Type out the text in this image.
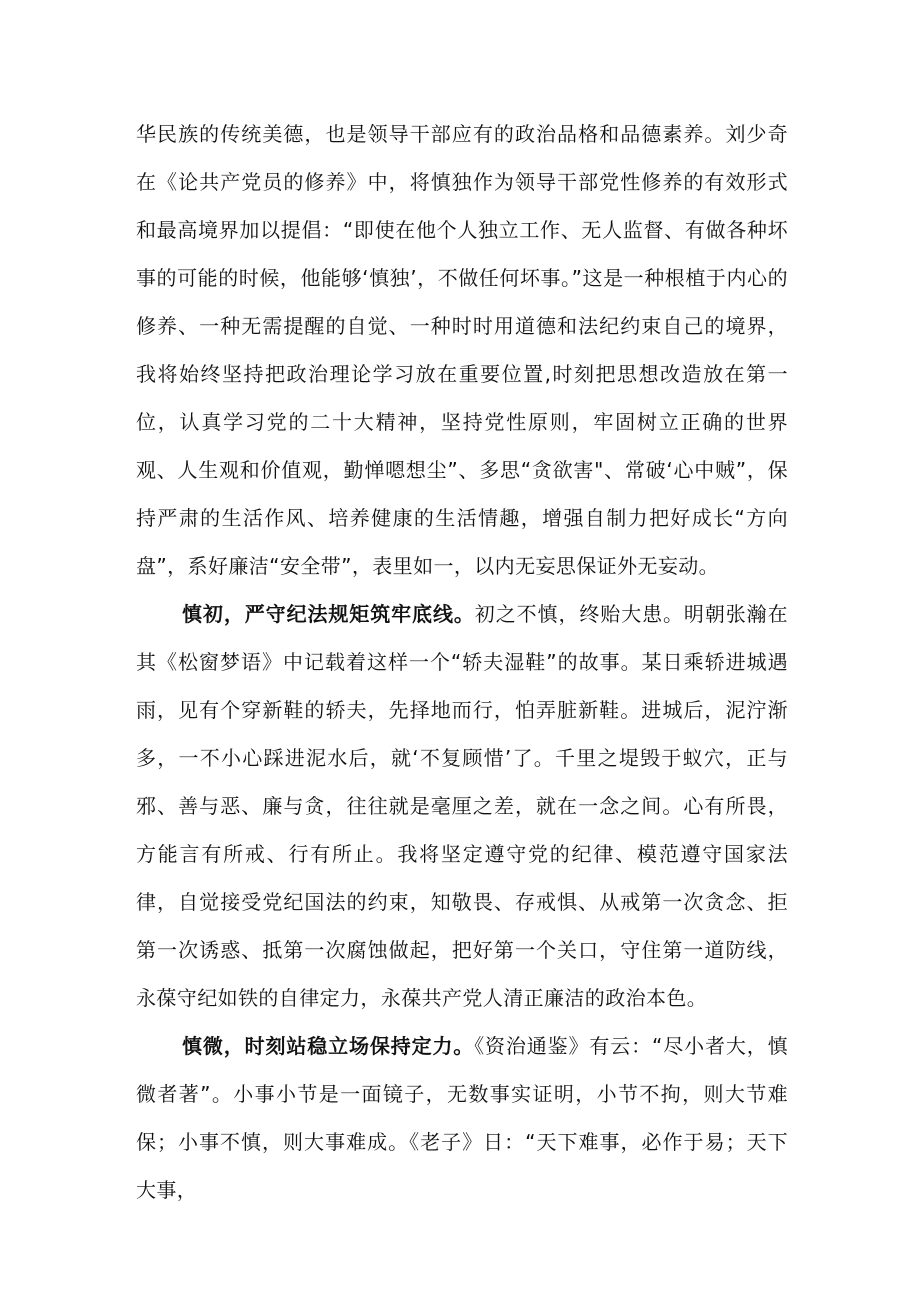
华民族的传统美德，也是领导干部应有的政治品格和品德素养。刘少奇在《论共产党员的修养》中，将慎独作为领导干部党性修养的有效形式和最高境界加以提倡：“即使在他个人独立工作、无人监督、有做各种坏事的可能的时候，他能够‘慎独’，不做任何坏事。”这是一种根植于内心的修养、一种无需提醒的自觉、一种时时用道德和法纪约束自己的境界，我将始终坚持把政治理论学习放在重要位置,时刻把思想改造放在第一位，认真学习党的二十大精神，坚持党性原则，牢固树立正确的世界观、人生观和价值观，勤惮嗯想尘”、多思“贪欲害"、常破‘心中贼”，保持严肃的生活作风、培养健康的生活情趣，增强自制力把好成长“方向盘”，系好廉洁“安全带”，表里如一，以内无妄思保证外无妄动。

慎初，严守纪法规矩筑牢底线。初之不慎，终贻大患。明朝张瀚在其《松窗梦语》中记载着这样一个“轿夫湿鞋”的故事。某日乘轿进城遇雨，见有个穿新鞋的轿夫，先择地而行，怕弄脏新鞋。进城后，泥泞渐多，一不小心踩进泥水后，就‘不复顾惜’了。千里之堤毁于蚁穴，正与邪、善与恶、廉与贪，往往就是毫厘之差，就在一念之间。心有所畏，方能言有所戒、行有所止。我将坚定遵守党的纪律、模范遵守国家法律，自觉接受党纪国法的约束，知敬畏、存戒惧、从戒第一次贪念、拒第一次诱惑、抵第一次腐蚀做起，把好第一个关口，守住第一道防线，永葆守纪如铁的自律定力，永葆共产党人清正廉洁的政治本色。

慎微，时刻站稳立场保持定力。《资治通鉴》有云：“尽小者大，慎微者著”。小事小节是一面镜子，无数事实证明，小节不拘，则大节难保；小事不慎，则大事难成。《老子》日：“天下难事，必作于易；天下大事，
